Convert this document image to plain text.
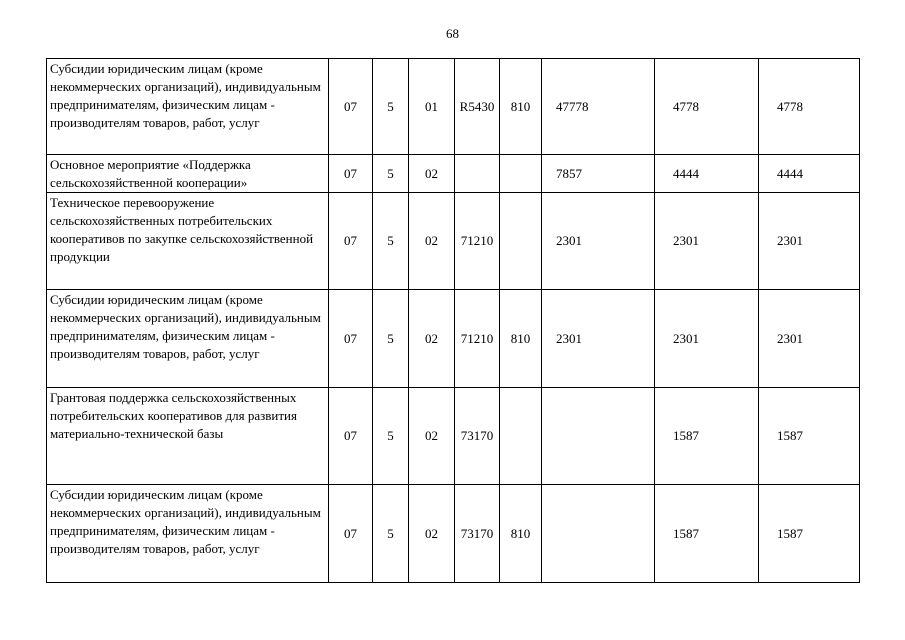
68
Субсидии юридическим лицам (кроме некоммерческих организаций), индивидуальным предпринимателям, физическим лицам - производителям товаров, работ, услуг	07	5	01	R5430	810	47778	4778	4778
Основное мероприятие «Поддержка сельскохозяйственной кооперации»	07	5	02			7857	4444	4444
Техническое перевооружение сельскохозяйственных потребительских кооперативов по закупке сельскохозяйственной продукции	07	5	02	71210		2301	2301	2301
Субсидии юридическим лицам (кроме некоммерческих организаций), индивидуальным предпринимателям, физическим лицам - производителям товаров, работ, услуг	07	5	02	71210	810	2301	2301	2301
Грантовая поддержка сельскохозяйственных потребительских кооперативов для развития материально-технической базы	07	5	02	73170			1587	1587
Субсидии юридическим лицам (кроме некоммерческих организаций), индивидуальным предпринимателям, физическим лицам - производителям товаров, работ, услуг	07	5	02	73170	810		1587	1587
